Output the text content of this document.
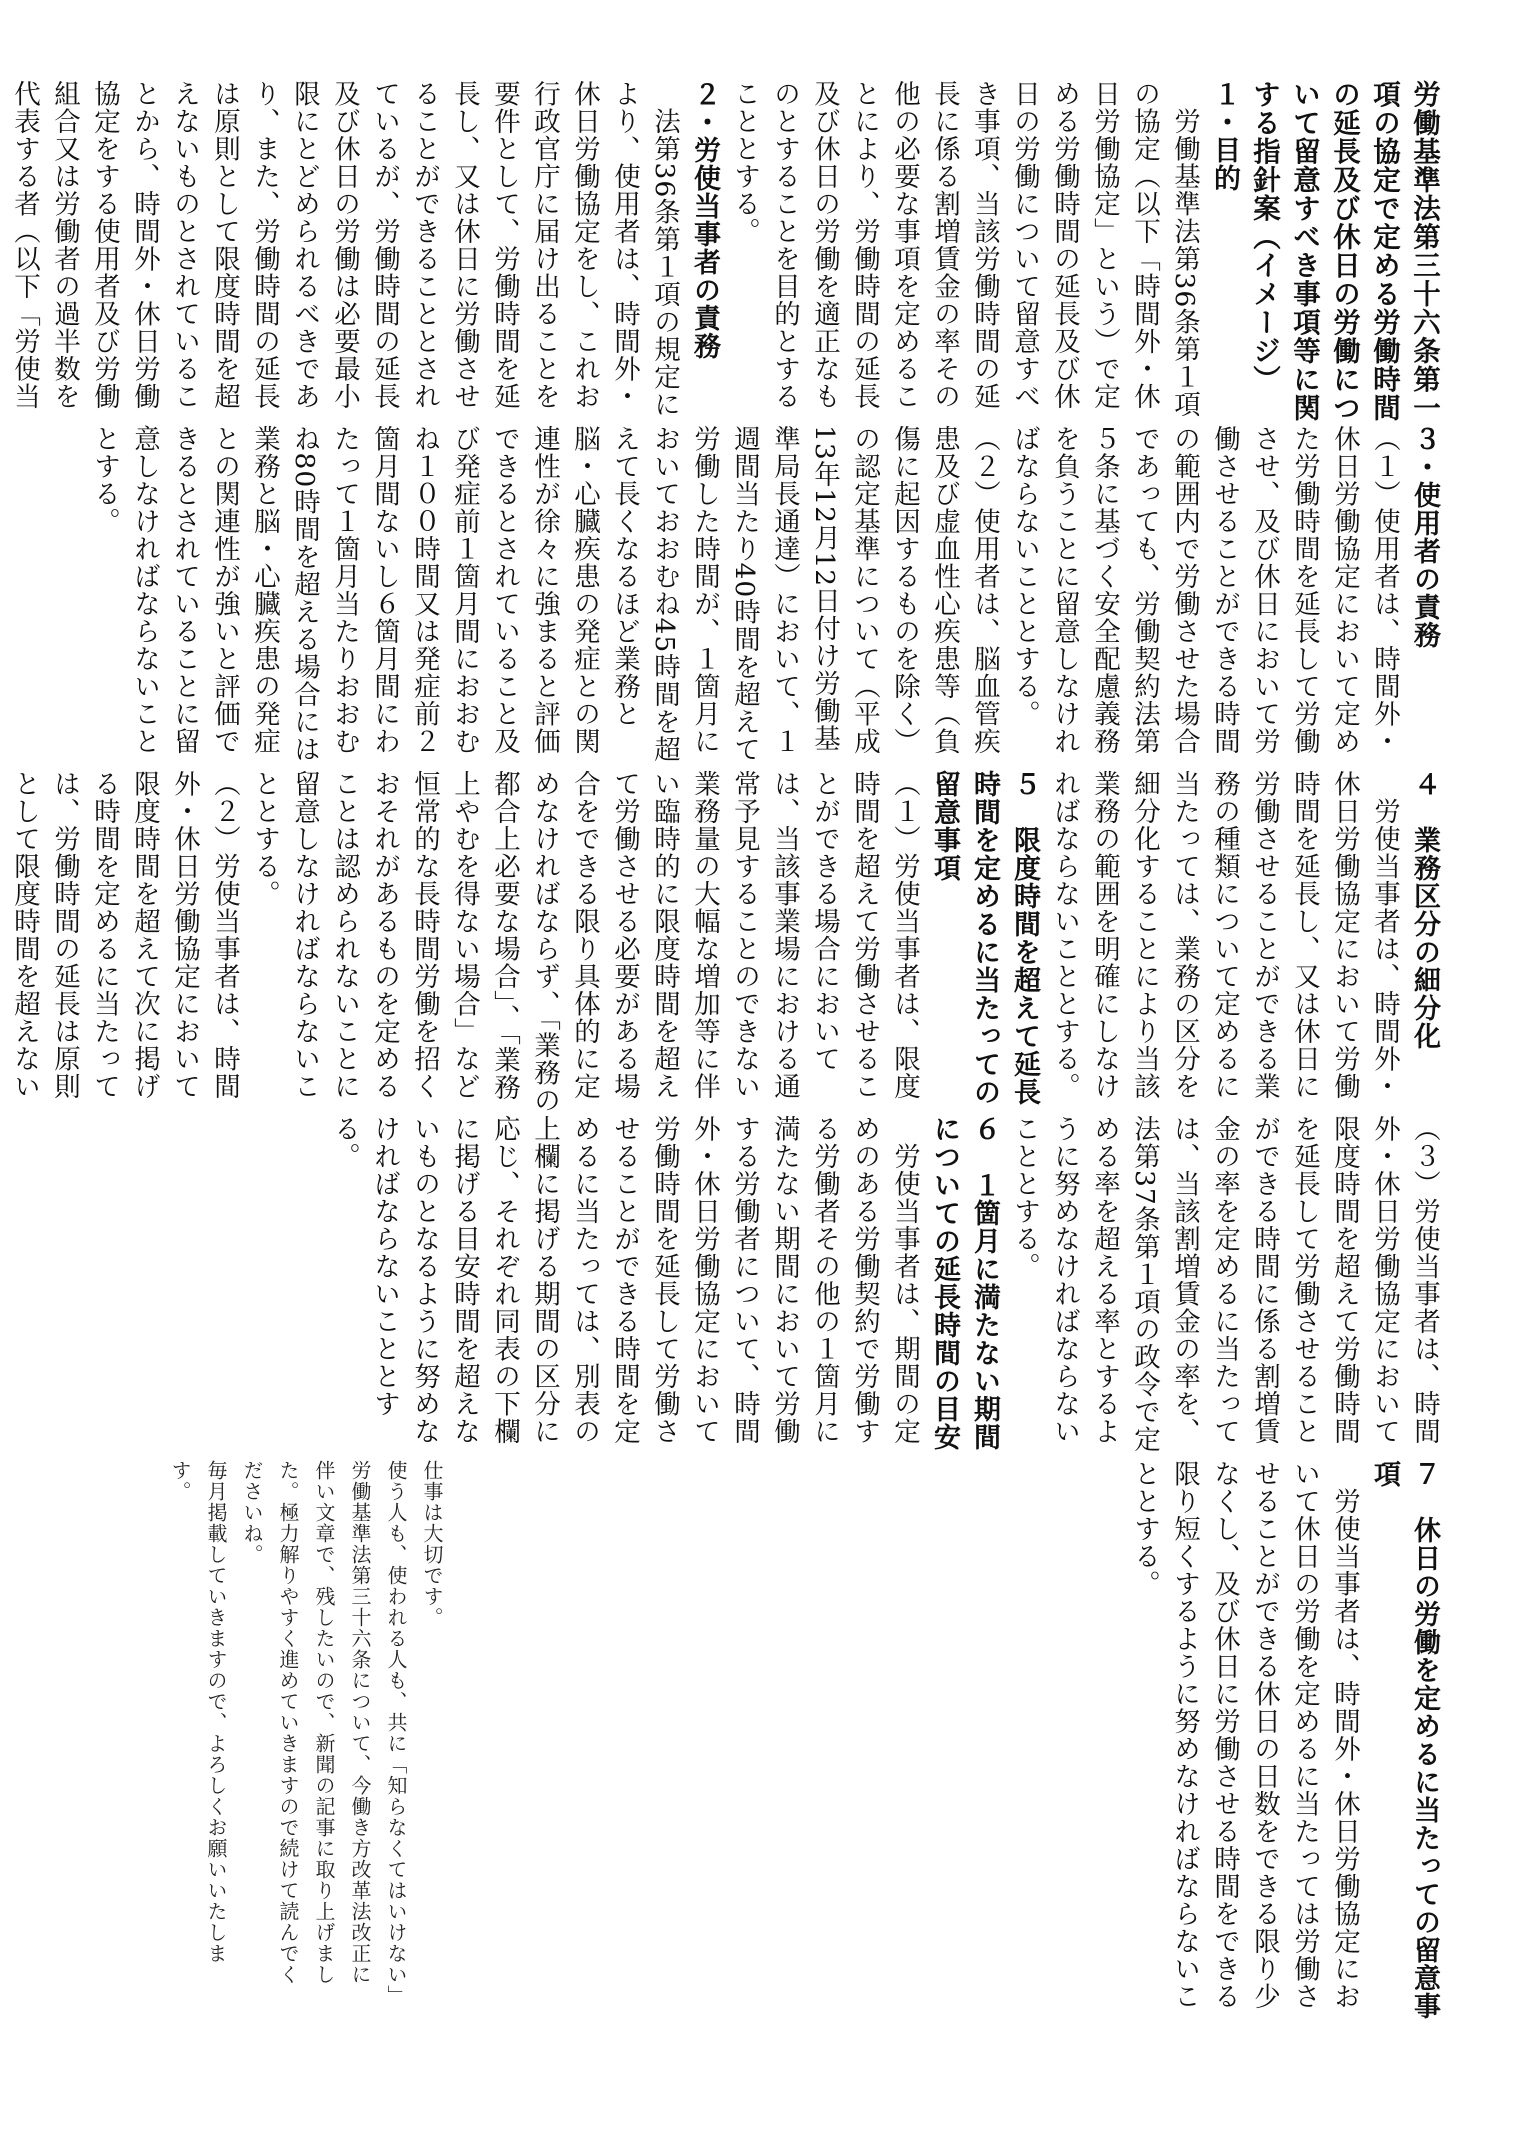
労働基準法第三十六条第一項の協定で定める労働時間の延長及び休日の労働について留意すべき事項等に関する指針案（イメージ）
１・目的
　労働基準法第36条第１項の協定（以下「時間外・休日労働協定」という）で定める労働時間の延長及び休日の労働について留意すべき事項、当該労働時間の延長に係る割増賃金の率その他の必要な事項を定めることにより、労働時間の延長及び休日の労働を適正なものとすることを目的とすることとする。
２・労使当事者の責務
　法第36条第１項の規定により、使用者は、時間外・休日労働協定をし、これお行政官庁に届け出ることを要件として、労働時間を延長し、又は休日に労働させることができることとされているが、労働時間の延長及び休日の労働は必要最小限にとどめられるべきであり、また、労働時間の延長は原則として限度時間を超えないものとされていることから、時間外・休日労働協定をする使用者及び労働組合又は労働者の過半数を代表する者（以下「労使当

３・使用者の責務
（１）使用者は、時間外・休日労働協定において定めた労働時間を延長して労働させ、及び休日において労働させることができる時間の範囲内で労働させた場合であっても、労働契約法第５条に基づく安全配慮義務を負うことに留意しなければならないこととする。
（２）使用者は、脳血管疾患及び虚血性心疾患等（負傷に起因するものを除く）の認定基準について（平成13年12月12日付け労働基準局長通達）において、１週間当たり40時間を超えて労働した時間が、１箇月においておおむね45時間を超えて長くなるほど業務と脳・心臓疾患の発症との関連性が徐々に強まると評価できるとされていること及び発症前１箇月間におおむね１００時間又は発症前２箇月間ないし６箇月間にわたって１箇月当たりおおむね80時間を超える場合には業務と脳・心臓疾患の発症との関連性が強いと評価できるとされていることに留意しなければならないこととする。

４　業務区分の細分化
　労使当事者は、時間外・休日労働協定において労働時間を延長し、又は休日に労働させることができる業務の種類について定めるに当たっては、業務の区分を細分化することにより当該業務の範囲を明確にしなければならないこととする。
５　限度時間を超えて延長時間を定めるに当たっての留意事項
（１）労使当事者は、限度時間を超えて労働させることができる場合においては、当該事業場における通常予見することのできない業務量の大幅な増加等に伴い臨時的に限度時間を超えて労働させる必要がある場合をできる限り具体的に定めなければならず、「業務の都合上必要な場合」、「業務上やむを得ない場合」など恒常的な長時間労働を招くおそれがあるものを定めることは認められないことに留意しなければならないこととする。
（２）労使当事者は、時間外・休日労働協定において限度時間を超えて次に掲げる時間を定めるに当たっては、労働時間の延長は原則として限度時間を超えない

（３）労使当事者は、時間外・休日労働協定において限度時間を超えて労働時間を延長して労働させることができる時間に係る割増賃金の率を定めるに当たっては、当該割増賃金の率を、法第37条第１項の政令で定める率を超える率とするように努めなければならないこととする。
６　１箇月に満たない期間についての延長時間の目安
　労使当事者は、期間の定めのある労働契約で労働する労働者その他の１箇月に満たない期間において労働する労働者について、時間外・休日労働協定において労働時間を延長して労働させることができる時間を定めるに当たっては、別表の上欄に掲げる期間の区分に応じ、それぞれ同表の下欄に掲げる目安時間を超えないものとなるように努めなければならないこととする。

７　休日の労働を定めるに当たっての留意事項
　労使当事者は、時間外・休日労働協定において休日の労働を定めるに当たっては労働させることができる休日の日数をできる限り少なくし、及び休日に労働させる時間をできる限り短くするように努めなければならないこととする。
仕事は大切です。
使う人も、使われる人も、共に「知らなくてはいけない」労働基準法第三十六条について、今働き方改革法改正に伴い文章で、残したいので、新聞の記事に取り上げました。極力解りやすく進めていきますので続けて読んでくださいね。
毎月掲載していきますので、よろしくお願いいたします。
